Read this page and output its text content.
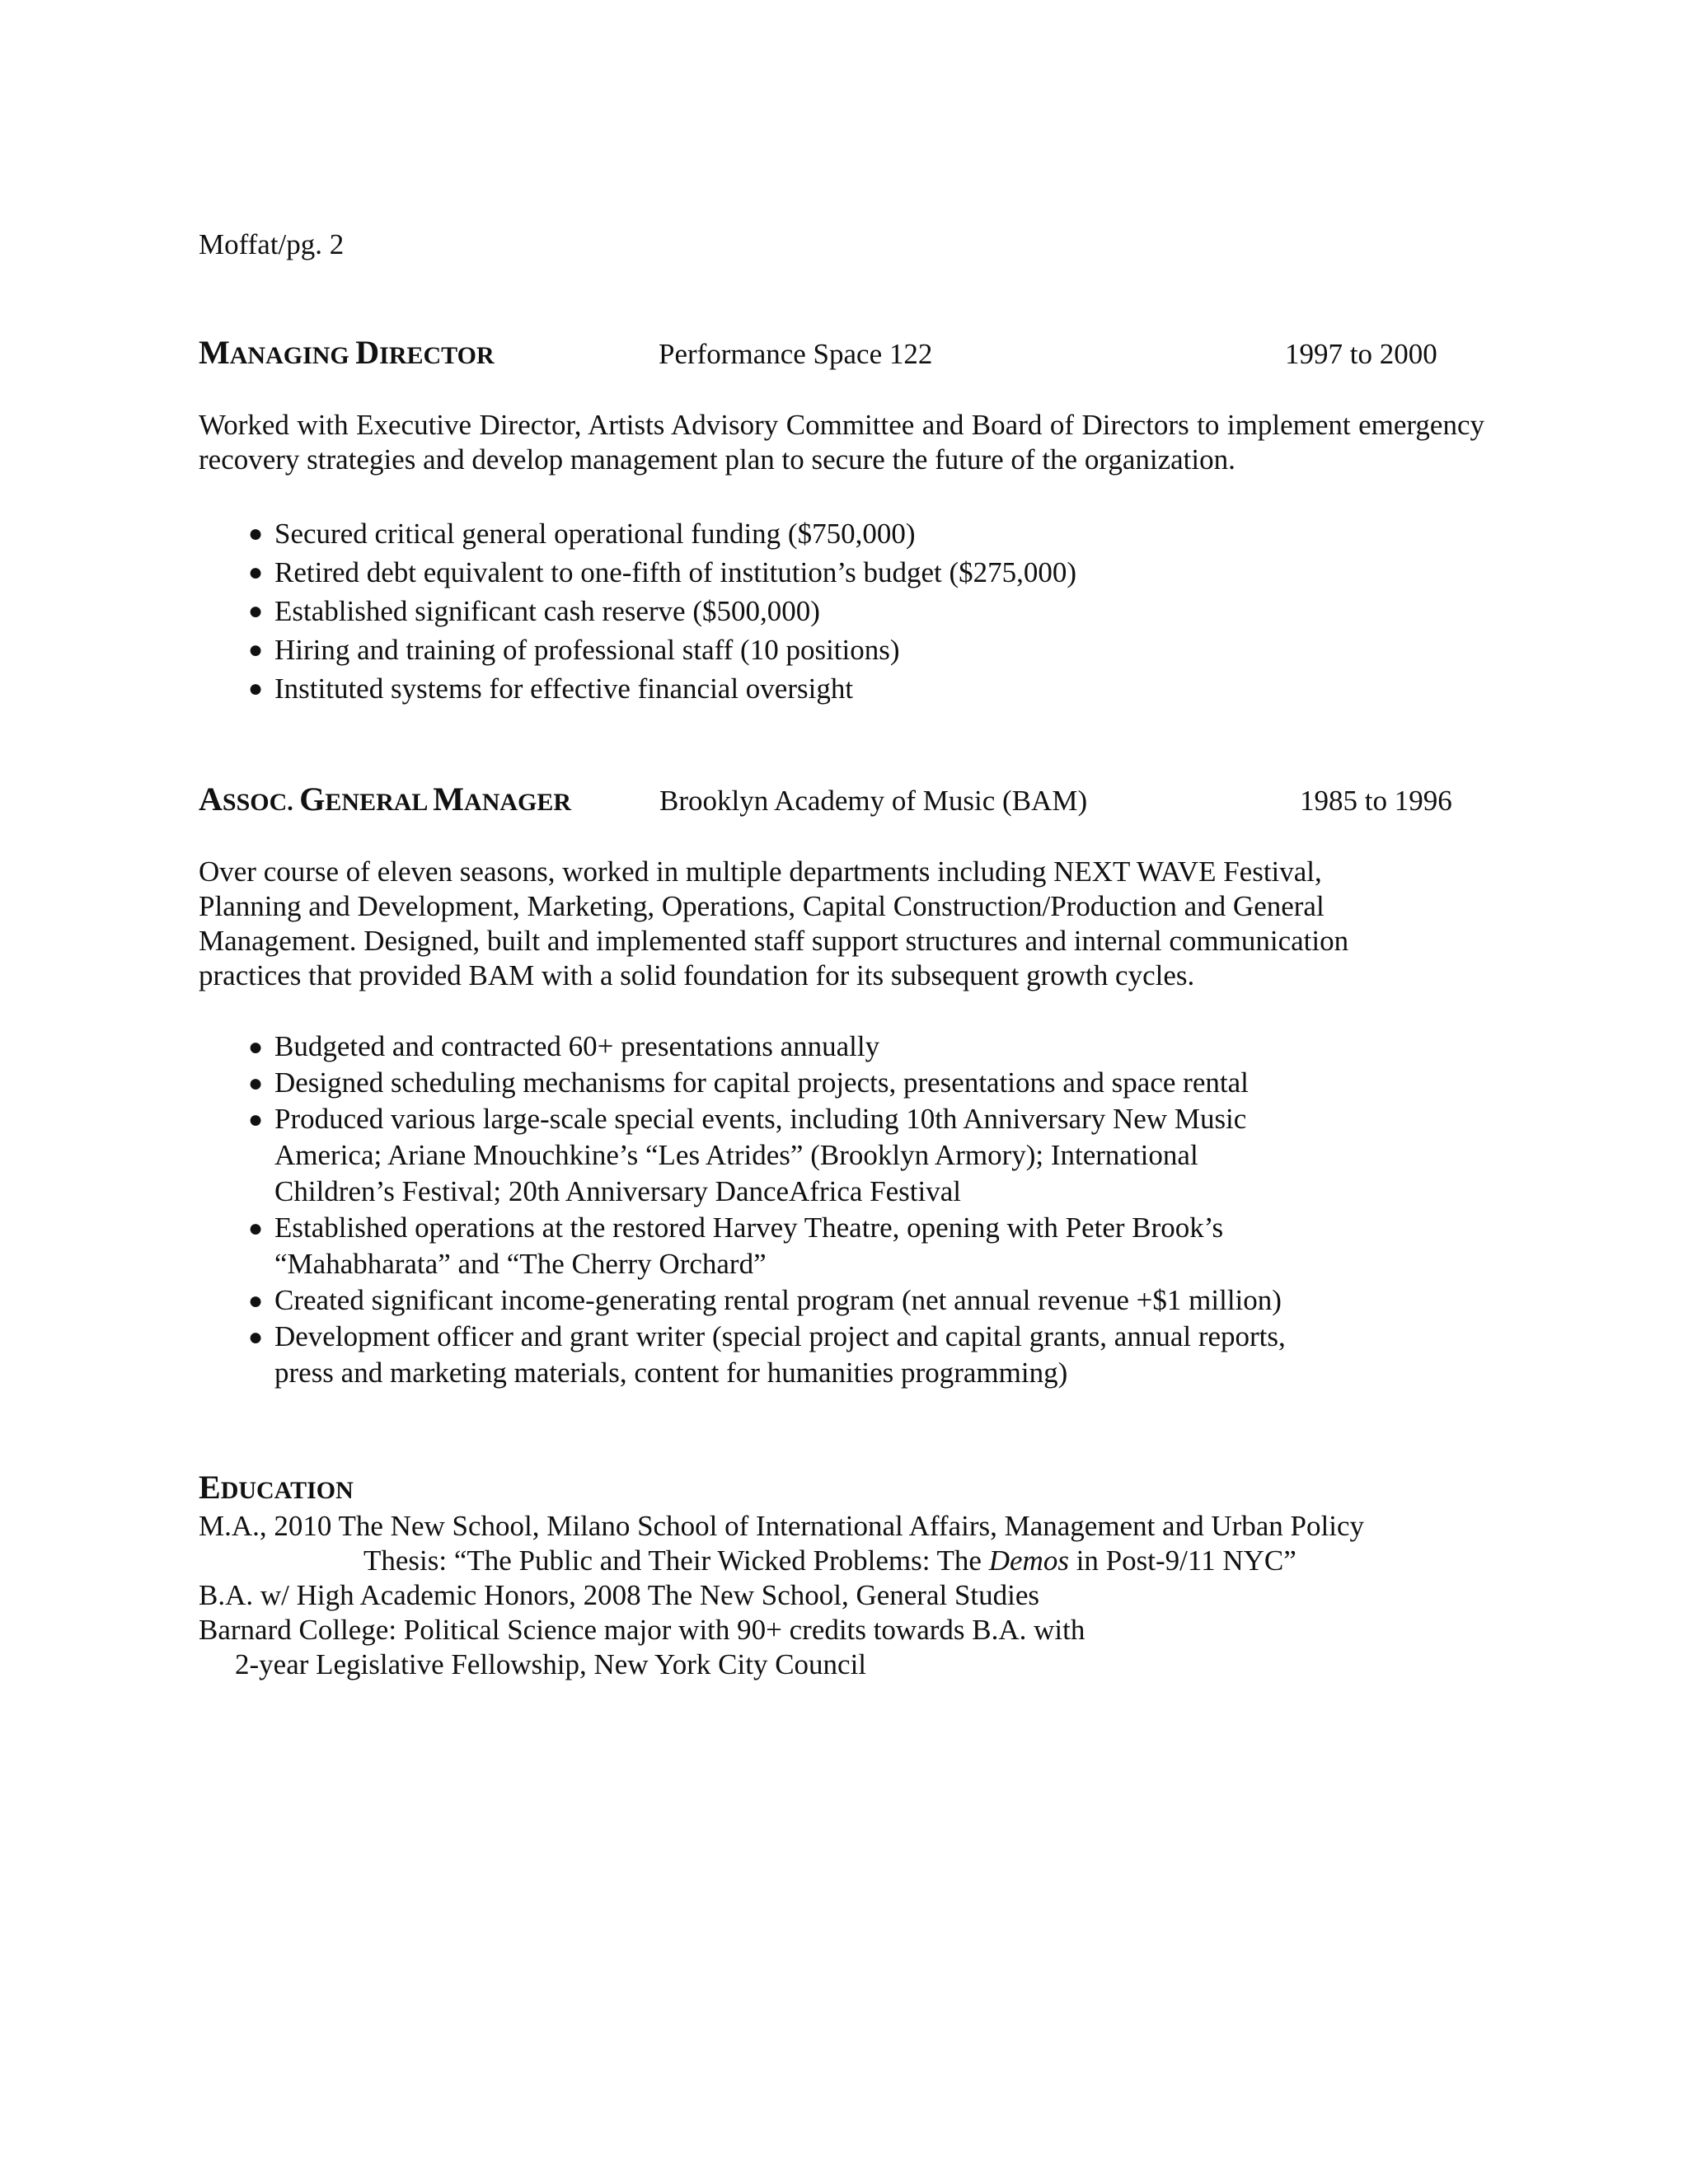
Moffat/pg. 2
MANAGING DIRECTOR	Performance Space 122	1997 to 2000
Worked with Executive Director, Artists Advisory Committee and Board of Directors to implement emergency recovery strategies and develop management plan to secure the future of the organization.
● Secured critical general operational funding ($750,000)
● Retired debt equivalent to one-fifth of institution’s budget ($275,000)
● Established significant cash reserve ($500,000)
● Hiring and training of professional staff (10 positions)
● Instituted systems for effective financial oversight
ASSOC. GENERAL MANAGER	Brooklyn Academy of Music (BAM)	1985 to 1996
Over course of eleven seasons, worked in multiple departments including NEXT WAVE Festival,
Planning and Development, Marketing, Operations, Capital Construction/Production and General
Management. Designed, built and implemented staff support structures and internal communication
practices that provided BAM with a solid foundation for its subsequent growth cycles.
● Budgeted and contracted 60+ presentations annually
● Designed scheduling mechanisms for capital projects, presentations and space rental
● Produced various large-scale special events, including 10th Anniversary New Music
America; Ariane Mnouchkine’s “Les Atrides” (Brooklyn Armory); International
Children’s Festival; 20th Anniversary DanceAfrica Festival
● Established operations at the restored Harvey Theatre, opening with Peter Brook’s
“Mahabharata” and “The Cherry Orchard”
● Created significant income-generating rental program (net annual revenue +$1 million)
● Development officer and grant writer (special project and capital grants, annual reports,
press and marketing materials, content for humanities programming)
EDUCATION
M.A., 2010 The New School, Milano School of International Affairs, Management and Urban Policy
Thesis: “The Public and Their Wicked Problems: The Demos in Post-9/11 NYC”
B.A. w/ High Academic Honors, 2008 The New School, General Studies
Barnard College: Political Science major with 90+ credits towards B.A. with
2-year Legislative Fellowship, New York City Council
